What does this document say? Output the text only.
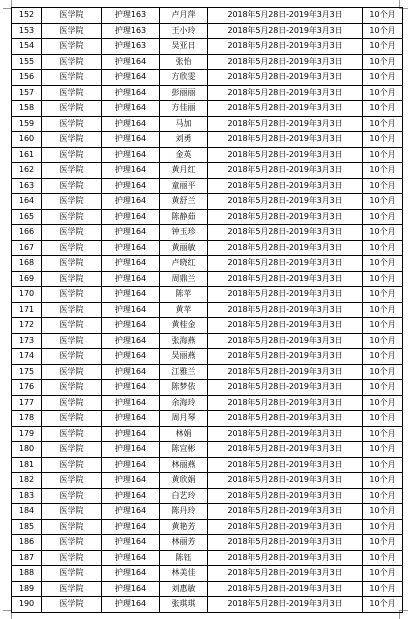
152	医学院	护理163	卢月萍	2018年5月28日-2019年3月3日	10个月
153	医学院	护理163	王小玲	2018年5月28日-2019年3月3日	10个月
154	医学院	护理163	吴亚日	2018年5月28日-2019年3月3日	10个月
155	医学院	护理164	张怡	2018年5月28日-2019年3月3日	10个月
156	医学院	护理164	方欣雯	2018年5月28日-2019年3月3日	10个月
157	医学院	护理164	彭丽丽	2018年5月28日-2019年3月3日	10个月
158	医学院	护理164	方佳丽	2018年5月28日-2019年3月3日	10个月
159	医学院	护理164	马加	2018年5月28日-2019年3月3日	10个月
160	医学院	护理164	刘勇	2018年5月28日-2019年3月3日	10个月
161	医学院	护理164	金英	2018年5月28日-2019年3月3日	10个月
162	医学院	护理164	黄月红	2018年5月28日-2019年3月3日	10个月
163	医学院	护理164	童丽平	2018年5月28日-2019年3月3日	10个月
164	医学院	护理164	黄舒兰	2018年5月28日-2019年3月3日	10个月
165	医学院	护理164	陈静茹	2018年5月28日-2019年3月3日	10个月
166	医学院	护理164	钟玉珍	2018年5月28日-2019年3月3日	10个月
167	医学院	护理164	黄丽敏	2018年5月28日-2019年3月3日	10个月
168	医学院	护理164	卢晓红	2018年5月28日-2019年3月3日	10个月
169	医学院	护理164	周鼎兰	2018年5月28日-2019年3月3日	10个月
170	医学院	护理164	陈苹	2018年5月28日-2019年3月3日	10个月
171	医学院	护理164	黄苹	2018年5月28日-2019年3月3日	10个月
172	医学院	护理164	黄桂金	2018年5月28日-2019年3月3日	10个月
173	医学院	护理164	张海燕	2018年5月28日-2019年3月3日	10个月
174	医学院	护理164	吴丽燕	2018年5月28日-2019年3月3日	10个月
175	医学院	护理164	江雅兰	2018年5月28日-2019年3月3日	10个月
176	医学院	护理164	陈梦依	2018年5月28日-2019年3月3日	10个月
177	医学院	护理164	余海玲	2018年5月28日-2019年3月3日	10个月
178	医学院	护理164	周月琴	2018年5月28日-2019年3月3日	10个月
179	医学院	护理164	林娟	2018年5月28日-2019年3月3日	10个月
180	医学院	护理164	陈宜彬	2018年5月28日-2019年3月3日	10个月
181	医学院	护理164	林丽燕	2018年5月28日-2019年3月3日	10个月
182	医学院	护理164	黄欣娟	2018年5月28日-2019年3月3日	10个月
183	医学院	护理164	白艺玲	2018年5月28日-2019年3月3日	10个月
184	医学院	护理164	陈丹玲	2018年5月28日-2019年3月3日	10个月
185	医学院	护理164	黄艳芳	2018年5月28日-2019年3月3日	10个月
186	医学院	护理164	林丽芳	2018年5月28日-2019年3月3日	10个月
187	医学院	护理164	陈钰	2018年5月28日-2019年3月3日	10个月
188	医学院	护理164	林美佳	2018年5月28日-2019年3月3日	10个月
189	医学院	护理164	刘惠敏	2018年5月28日-2019年3月3日	10个月
190	医学院	护理164	张琪琪	2018年5月28日-2019年3月3日	10个月
